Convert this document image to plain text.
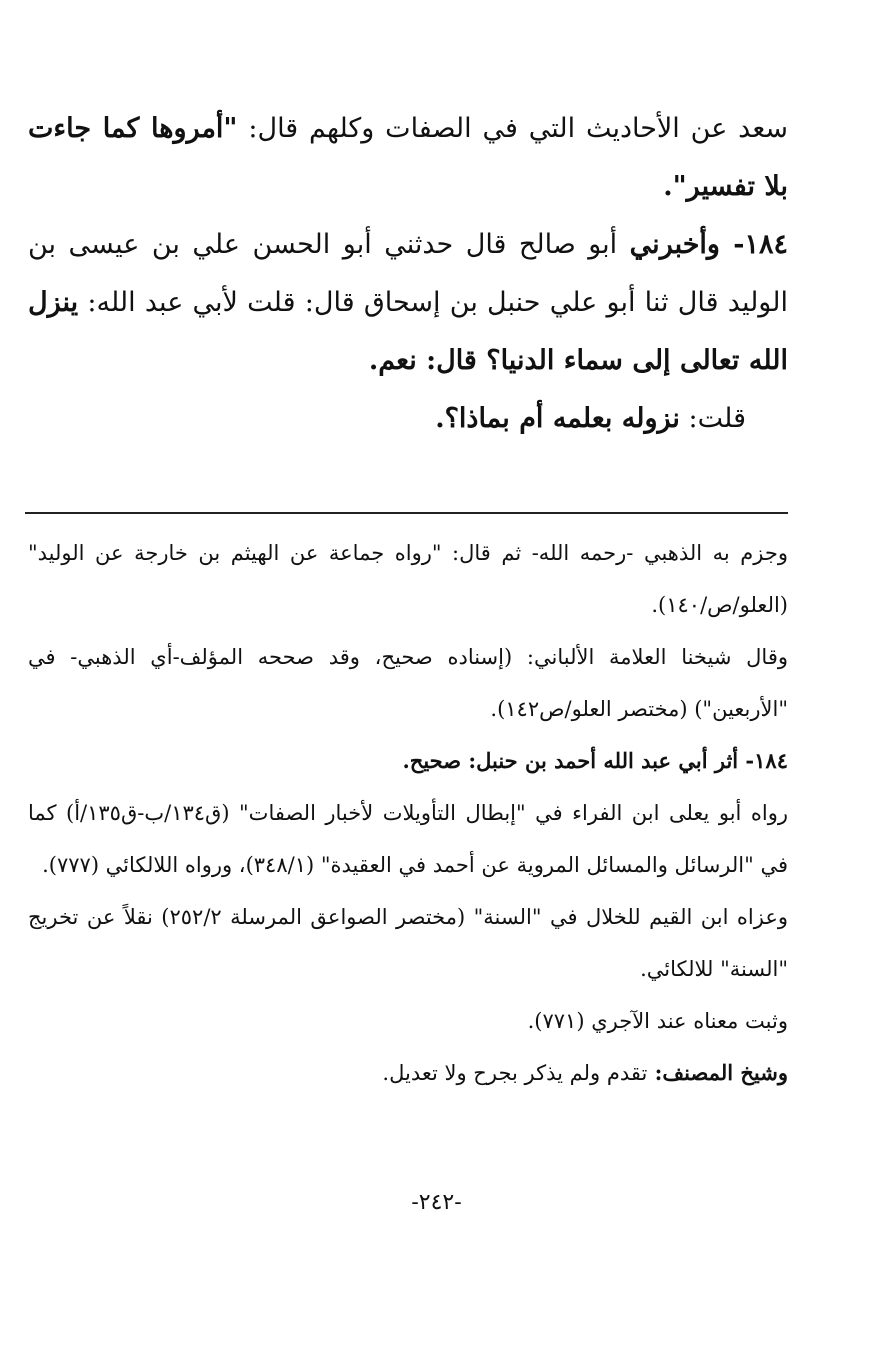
سعد عن الأحاديث التي في الصفات وكلهم قال: "أمروها كما جاءت بلا تفسير".

١٨٤- وأخبرني أبو صالح قال حدثني أبو الحسن علي بن عيسى بن الوليد قال ثنا أبو علي حنبل بن إسحاق قال: قلت لأبي عبد الله: ينزل الله تعالى إلى سماء الدنيا؟ قال: نعم.

قلت: نزوله بعلمه أم بماذا؟.

وجزم به الذهبي -رحمه الله- ثم قال: "رواه جماعة عن الهيثم بن خارجة عن الوليد" (العلو/ص/١٤٠).

وقال شيخنا العلامة الألباني: (إسناده صحيح، وقد صححه المؤلف-أي الذهبي- في "الأربعين") (مختصر العلو/ص١٤٢).

١٨٤- أثر أبي عبد الله أحمد بن حنبل: صحيح.

رواه أبو يعلى ابن الفراء في "إبطال التأويلات لأخبار الصفات" (ق١٣٤/ب-ق١٣٥/أ) كما في "الرسائل والمسائل المروية عن أحمد في العقيدة" (٣٤٨/١)، ورواه اللالكائي (٧٧٧).

وعزاه ابن القيم للخلال في "السنة" (مختصر الصواعق المرسلة ٢٥٢/٢) نقلاً عن تخريج "السنة" للالكائي.

وثبت معناه عند الآجري (٧٧١).

وشيخ المصنف: تقدم ولم يذكر بجرح ولا تعديل.

-٢٤٢-
